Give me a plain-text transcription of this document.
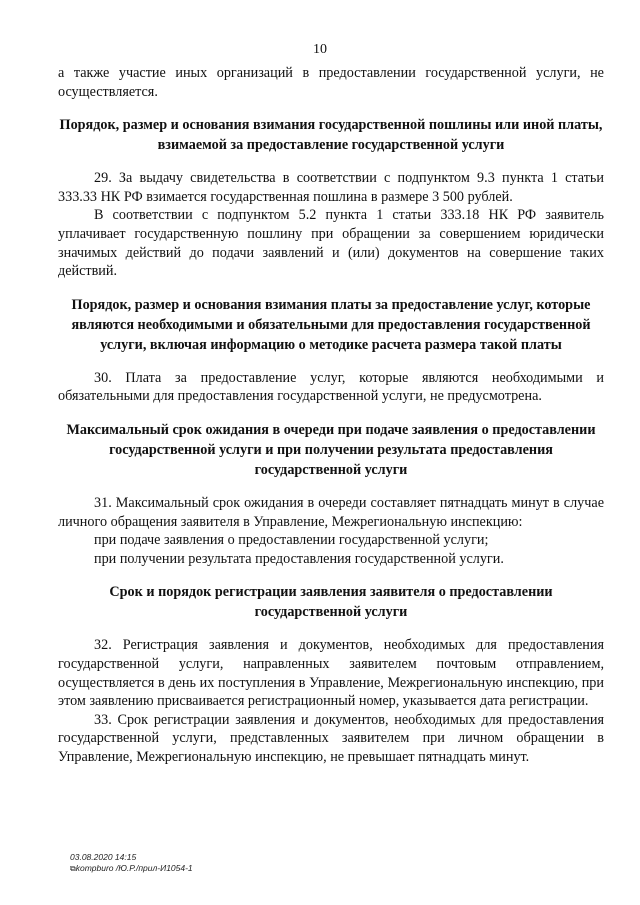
10

а также участие иных организаций в предоставлении государственной услуги, не осуществляется.

Порядок, размер и основания взимания государственной пошлины или иной платы, взимаемой за предоставление государственной услуги

29. За выдачу свидетельства в соответствии с подпунктом 9.3 пункта 1 статьи 333.33 НК РФ взимается государственная пошлина в размере 3 500 рублей.

В соответствии с подпунктом 5.2 пункта 1 статьи 333.18 НК РФ заявитель уплачивает государственную пошлину при обращении за совершением юридически значимых действий до подачи заявлений и (или) документов на совершение таких действий.

Порядок, размер и основания взимания платы за предоставление услуг, которые являются необходимыми и обязательными для предоставления государственной услуги, включая информацию о методике расчета размера такой платы

30. Плата за предоставление услуг, которые являются необходимыми и обязательными для предоставления государственной услуги, не предусмотрена.

Максимальный срок ожидания в очереди при подаче заявления о предоставлении государственной услуги и при получении результата предоставления государственной услуги

31. Максимальный срок ожидания в очереди составляет пятнадцать минут в случае личного обращения заявителя в Управление, Межрегиональную инспекцию:

при подаче заявления о предоставлении государственной услуги;

при получении результата предоставления государственной услуги.

Срок и порядок регистрации заявления заявителя о предоставлении государственной услуги

32. Регистрация заявления и документов, необходимых для предоставления государственной услуги, направленных заявителем почтовым отправлением, осуществляется в день их поступления в Управление, Межрегиональную инспекцию, при этом заявлению присваивается регистрационный номер, указывается дата регистрации.

33. Срок регистрации заявления и документов, необходимых для предоставления государственной услуги, представленных заявителем при личном обращении в Управление, Межрегиональную инспекцию, не превышает пятнадцать минут.

03.08.2020 14:15
⧉kompburo /Ю.Р./прил-И1054-1
